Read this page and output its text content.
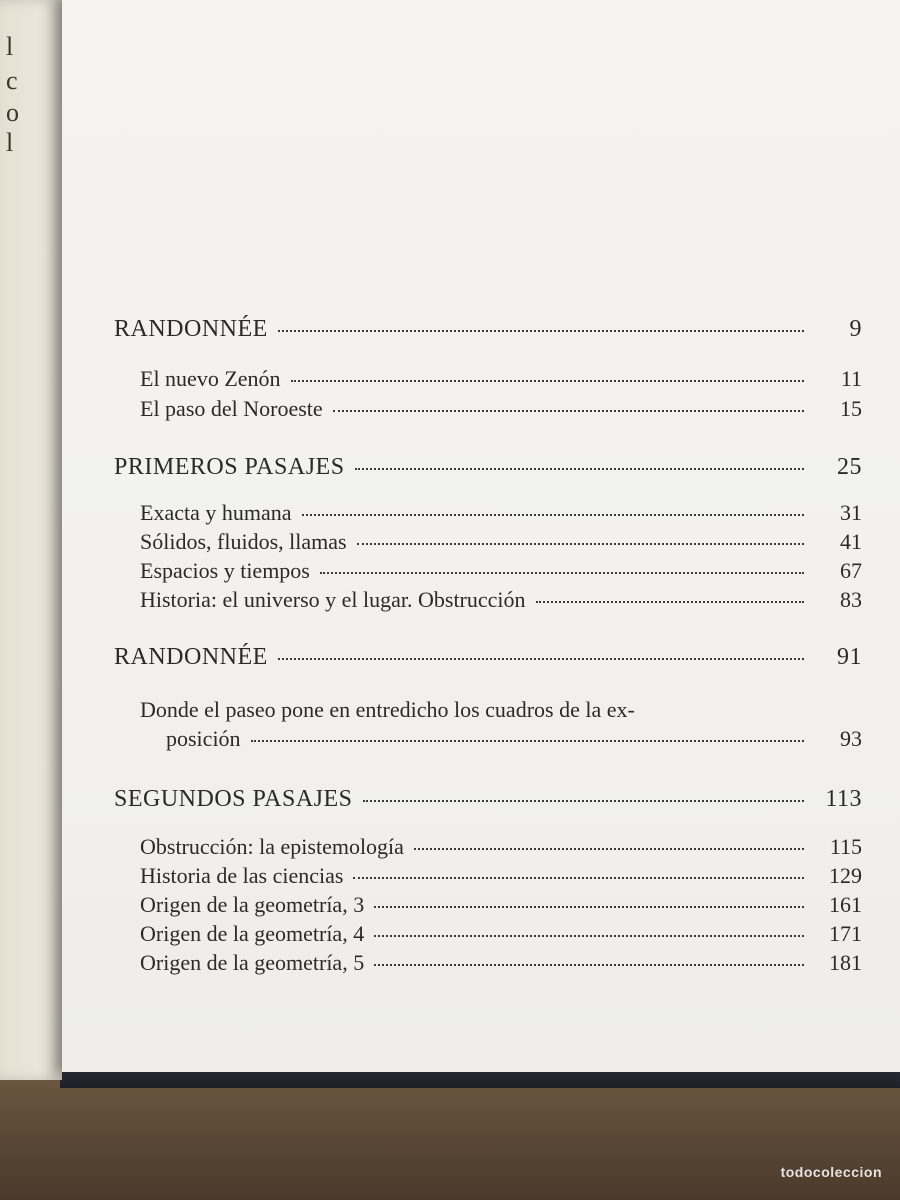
l
c
o
l
RANDONNÉE	9
El nuevo Zenón	11
El paso del Noroeste	15
PRIMEROS PASAJES	25
Exacta y humana	31
Sólidos, fluidos, llamas	41
Espacios y tiempos	67
Historia: el universo y el lugar. Obstrucción	83
RANDONNÉE	91
Donde el paseo pone en entredicho los cuadros de la ex-
posición	93
SEGUNDOS PASAJES	113
Obstrucción: la epistemología	115
Historia de las ciencias	129
Origen de la geometría, 3	161
Origen de la geometría, 4	171
Origen de la geometría, 5	181
todocoleccion
